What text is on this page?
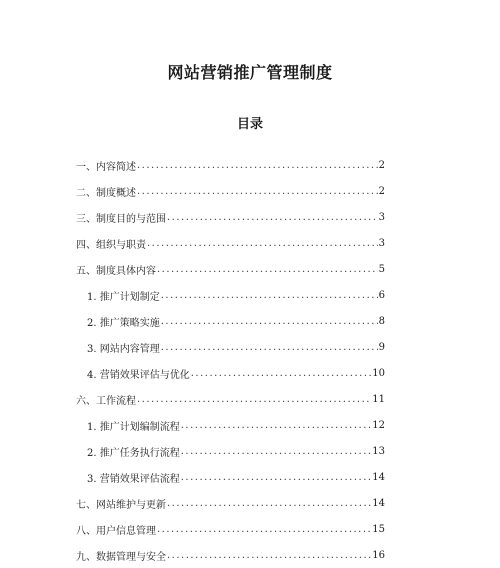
网站营销推广管理制度
目录
一、内容简述 .....	2
二、制度概述 .....	2
三、制度目的与范围 .....	3
四、组织与职责 .....	3
五、制度具体内容 .....	5
1. 推广计划制定 .....	6
2. 推广策略实施 .....	8
3. 网站内容管理 .....	9
4. 营销效果评估与优化 .....	10
六、工作流程 .....	11
1. 推广计划编制流程 .....	12
2. 推广任务执行流程 .....	13
3. 营销效果评估流程 .....	14
七、网站维护与更新 .....	14
八、用户信息管理 .....	15
九、数据管理与安全 .....	16
